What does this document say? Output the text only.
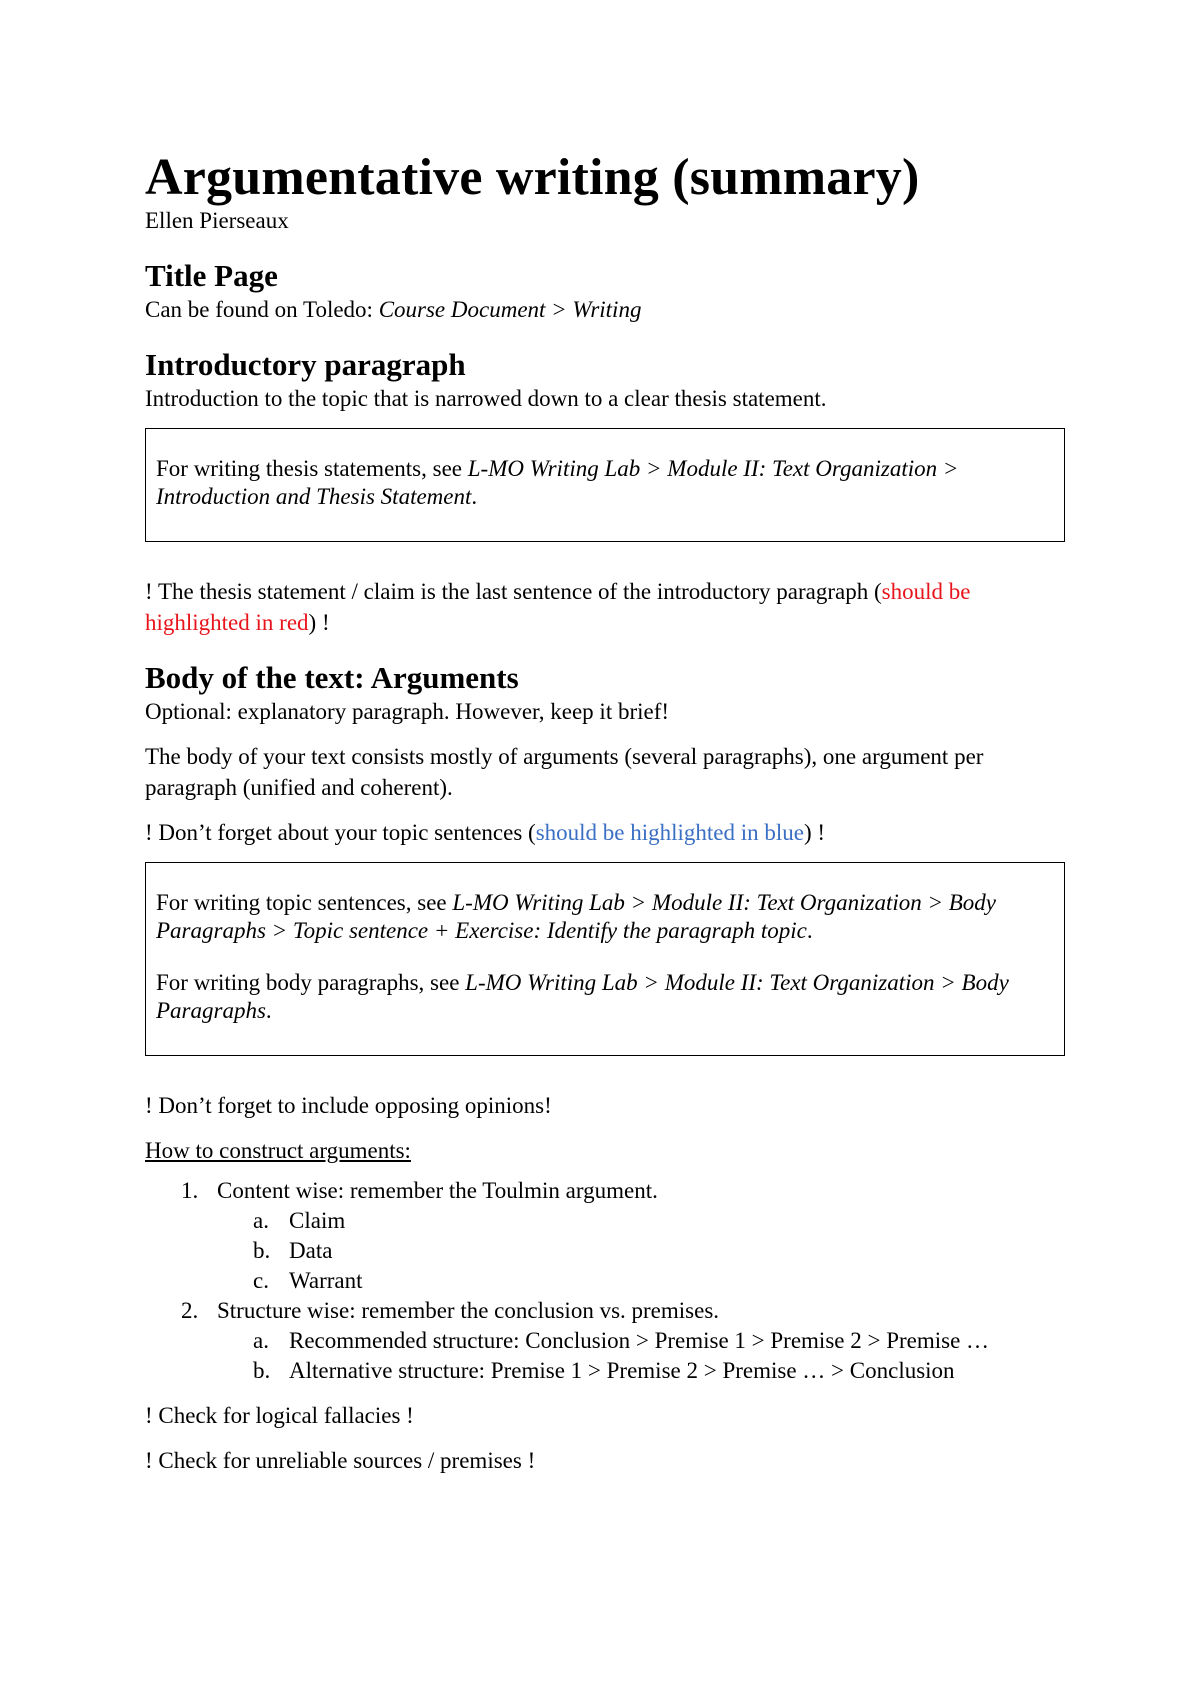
Argumentative writing (summary)

Ellen Pierseaux

Title Page

Can be found on Toledo: Course Document > Writing

Introductory paragraph

Introduction to the topic that is narrowed down to a clear thesis statement.

For writing thesis statements, see L-MO Writing Lab > Module II: Text Organization > Introduction and Thesis Statement.

! The thesis statement / claim is the last sentence of the introductory paragraph (should be highlighted in red) !

Body of the text: Arguments

Optional: explanatory paragraph. However, keep it brief!

The body of your text consists mostly of arguments (several paragraphs), one argument per paragraph (unified and coherent).

! Don’t forget about your topic sentences (should be highlighted in blue) !

For writing topic sentences, see L-MO Writing Lab > Module II: Text Organization > Body Paragraphs > Topic sentence + Exercise: Identify the paragraph topic.

For writing body paragraphs, see L-MO Writing Lab > Module II: Text Organization > Body Paragraphs.

! Don’t forget to include opposing opinions!

How to construct arguments:

1. Content wise: remember the Toulmin argument.
a. Claim
b. Data
c. Warrant
2. Structure wise: remember the conclusion vs. premises.
a. Recommended structure: Conclusion > Premise 1 > Premise 2 > Premise …
b. Alternative structure: Premise 1 > Premise 2 > Premise … > Conclusion

! Check for logical fallacies !

! Check for unreliable sources / premises !
